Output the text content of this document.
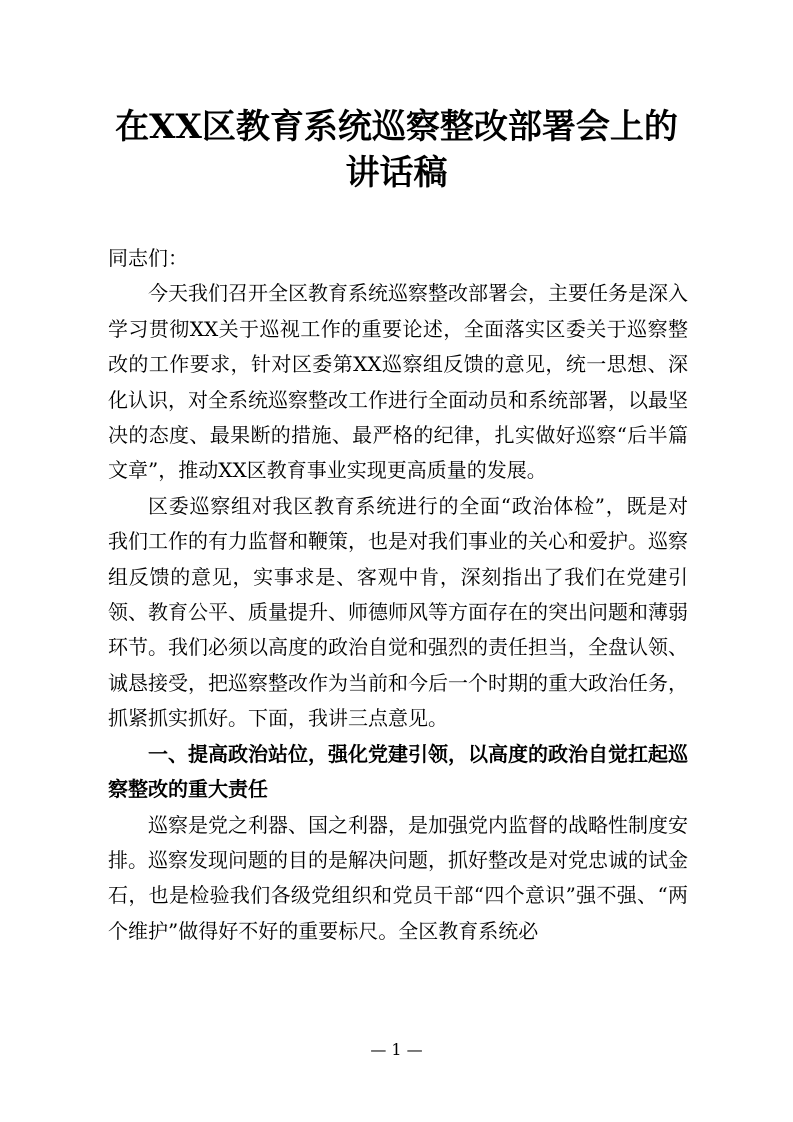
在XX区教育系统巡察整改部署会上的讲话稿

同志们：

今天我们召开全区教育系统巡察整改部署会，主要任务是深入学习贯彻XX关于巡视工作的重要论述，全面落实区委关于巡察整改的工作要求，针对区委第XX巡察组反馈的意见，统一思想、深化认识，对全系统巡察整改工作进行全面动员和系统部署，以最坚决的态度、最果断的措施、最严格的纪律，扎实做好巡察“后半篇文章”，推动XX区教育事业实现更高质量的发展。

区委巡察组对我区教育系统进行的全面“政治体检”，既是对我们工作的有力监督和鞭策，也是对我们事业的关心和爱护。巡察组反馈的意见，实事求是、客观中肯，深刻指出了我们在党建引领、教育公平、质量提升、师德师风等方面存在的突出问题和薄弱环节。我们必须以高度的政治自觉和强烈的责任担当，全盘认领、诚恳接受，把巡察整改作为当前和今后一个时期的重大政治任务，抓紧抓实抓好。下面，我讲三点意见。

一、提高政治站位，强化党建引领，以高度的政治自觉扛起巡察整改的重大责任

巡察是党之利器、国之利器，是加强党内监督的战略性制度安排。巡察发现问题的目的是解决问题，抓好整改是对党忠诚的试金石，也是检验我们各级党组织和党员干部“四个意识”强不强、“两个维护”做得好不好的重要标尺。全区教育系统必

— 1 —
